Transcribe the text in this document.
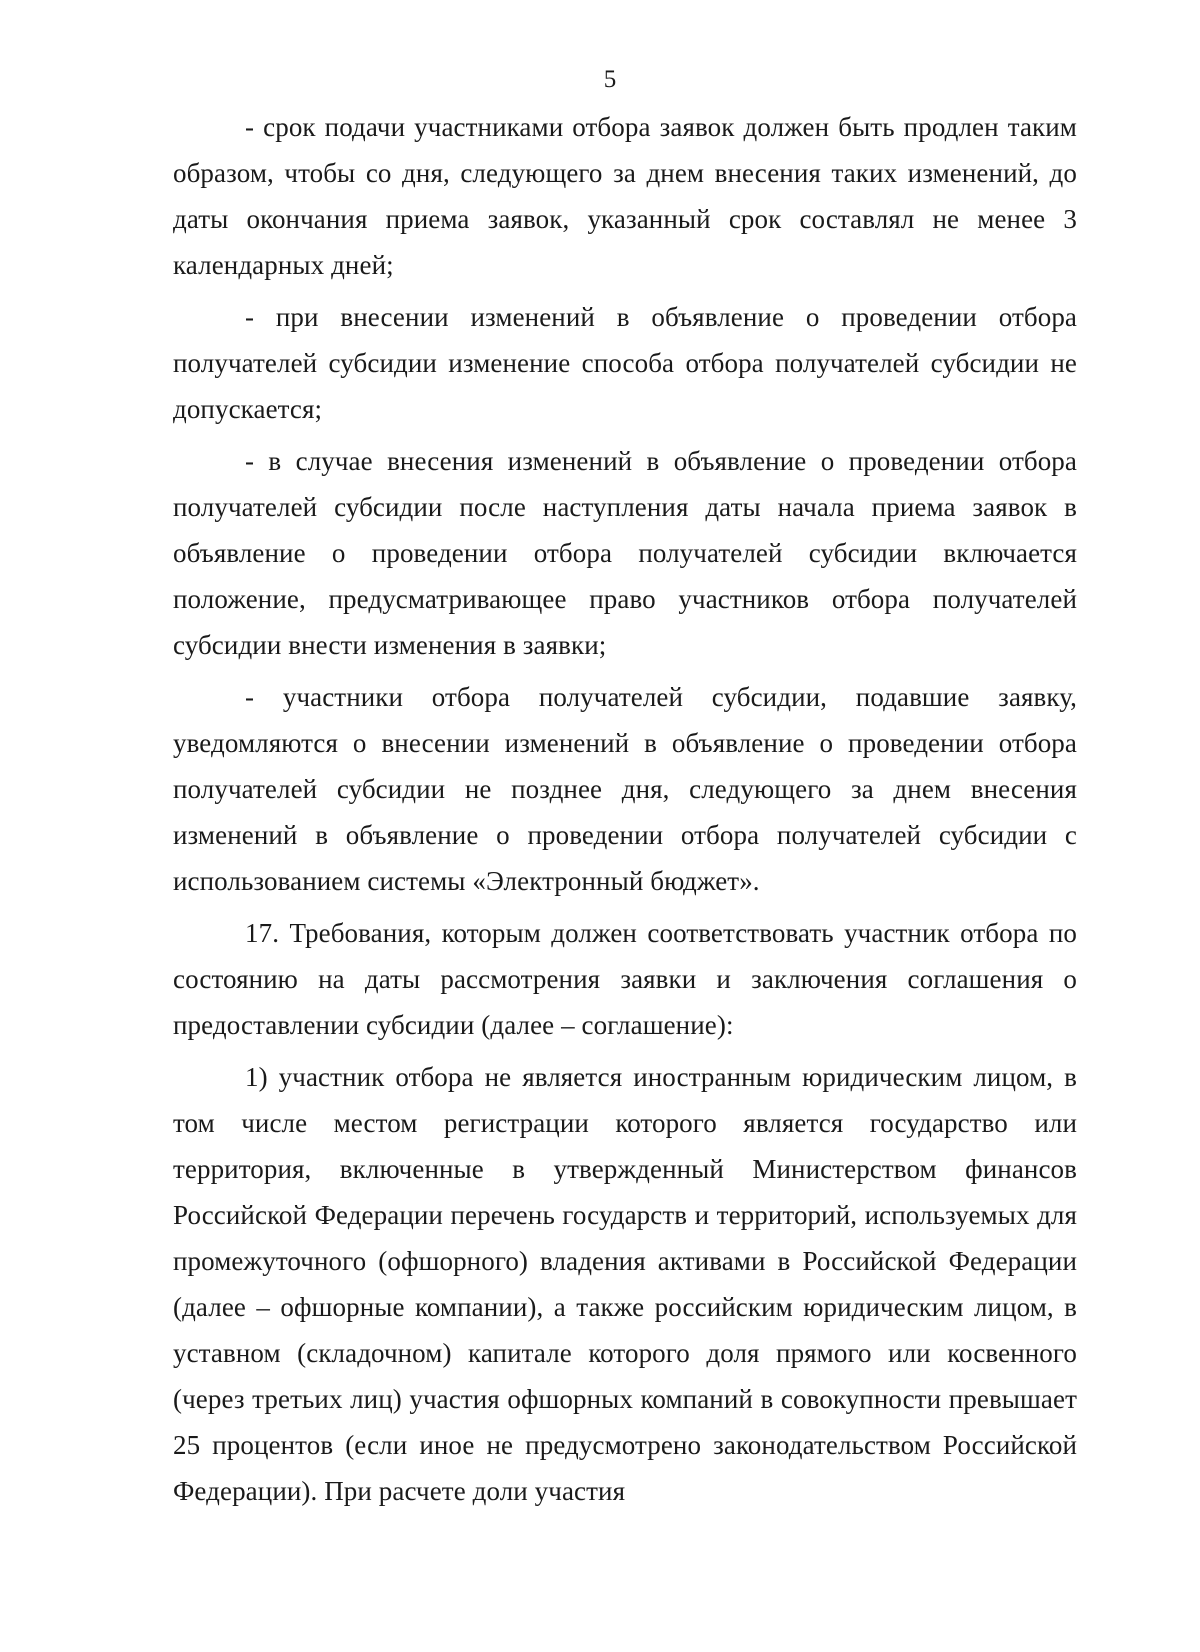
5

- срок подачи участниками отбора заявок должен быть продлен таким образом, чтобы со дня, следующего за днем внесения таких изменений, до даты окончания приема заявок, указанный срок составлял не менее 3 календарных дней;

- при внесении изменений в объявление о проведении отбора получателей субсидии изменение способа отбора получателей субсидии не допускается;

- в случае внесения изменений в объявление о проведении отбора получателей субсидии после наступления даты начала приема заявок в объявление о проведении отбора получателей субсидии включается положение, предусматривающее право участников отбора получателей субсидии внести изменения в заявки;

- участники отбора получателей субсидии, подавшие заявку, уведомляются о внесении изменений в объявление о проведении отбора получателей субсидии не позднее дня, следующего за днем внесения изменений в объявление о проведении отбора получателей субсидии с использованием системы «Электронный бюджет».

17. Требования, которым должен соответствовать участник отбора по состоянию на даты рассмотрения заявки и заключения соглашения о предоставлении субсидии (далее – соглашение):

1) участник отбора не является иностранным юридическим лицом, в том числе местом регистрации которого является государство или территория, включенные в утвержденный Министерством финансов Российской Федерации перечень государств и территорий, используемых для промежуточного (офшорного) владения активами в Российской Федерации (далее – офшорные компании), а также российским юридическим лицом, в уставном (складочном) капитале которого доля прямого или косвенного (через третьих лиц) участия офшорных компаний в совокупности превышает 25 процентов (если иное не предусмотрено законодательством Российской Федерации). При расчете доли участия
